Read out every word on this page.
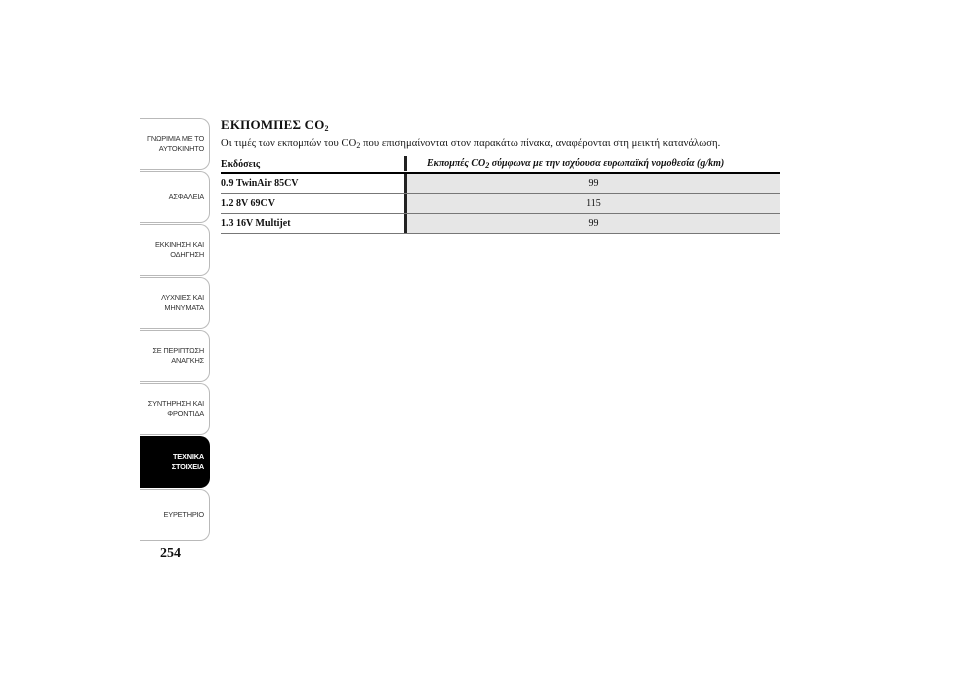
ΓΝΩΡΙΜΙΑ ΜΕ ΤΟ
ΑΥΤΟΚΙΝΗΤΟ
ΑΣΦΑΛΕΙΑ
ΕΚΚΙΝΗΣΗ ΚΑΙ
ΟΔΗΓΗΣΗ
ΛΥΧΝΙΕΣ ΚΑΙ
ΜΗΝΥΜΑΤΑ
ΣΕ ΠΕΡΙΠΤΩΣΗ
ΑΝΑΓΚΗΣ
ΣΥΝΤΗΡΗΣΗ ΚΑΙ
ΦΡΟΝΤΙΔΑ
ΤΕΧΝΙΚΑ
ΣΤΟΙΧΕΙΑ
ΕΥΡΕΤΗΡΙΟ
254
ΕΚΠΟΜΠΕΣ $CO_2$

Οι τιμές των εκπομπών του $CO_2$ που επισημαίνονται στον παρακάτω πίνακα, αναφέρονται στη μεικτή κατανάλωση.

Εκδόσεις	Εκπομπές $CO_2$ σύμφωνα με την ισχύουσα ευρωπαϊκή νομοθεσία (g/km)
0.9 TwinAir 85CV	99
1.2 8V 69CV	115
1.3 16V Multijet	99
